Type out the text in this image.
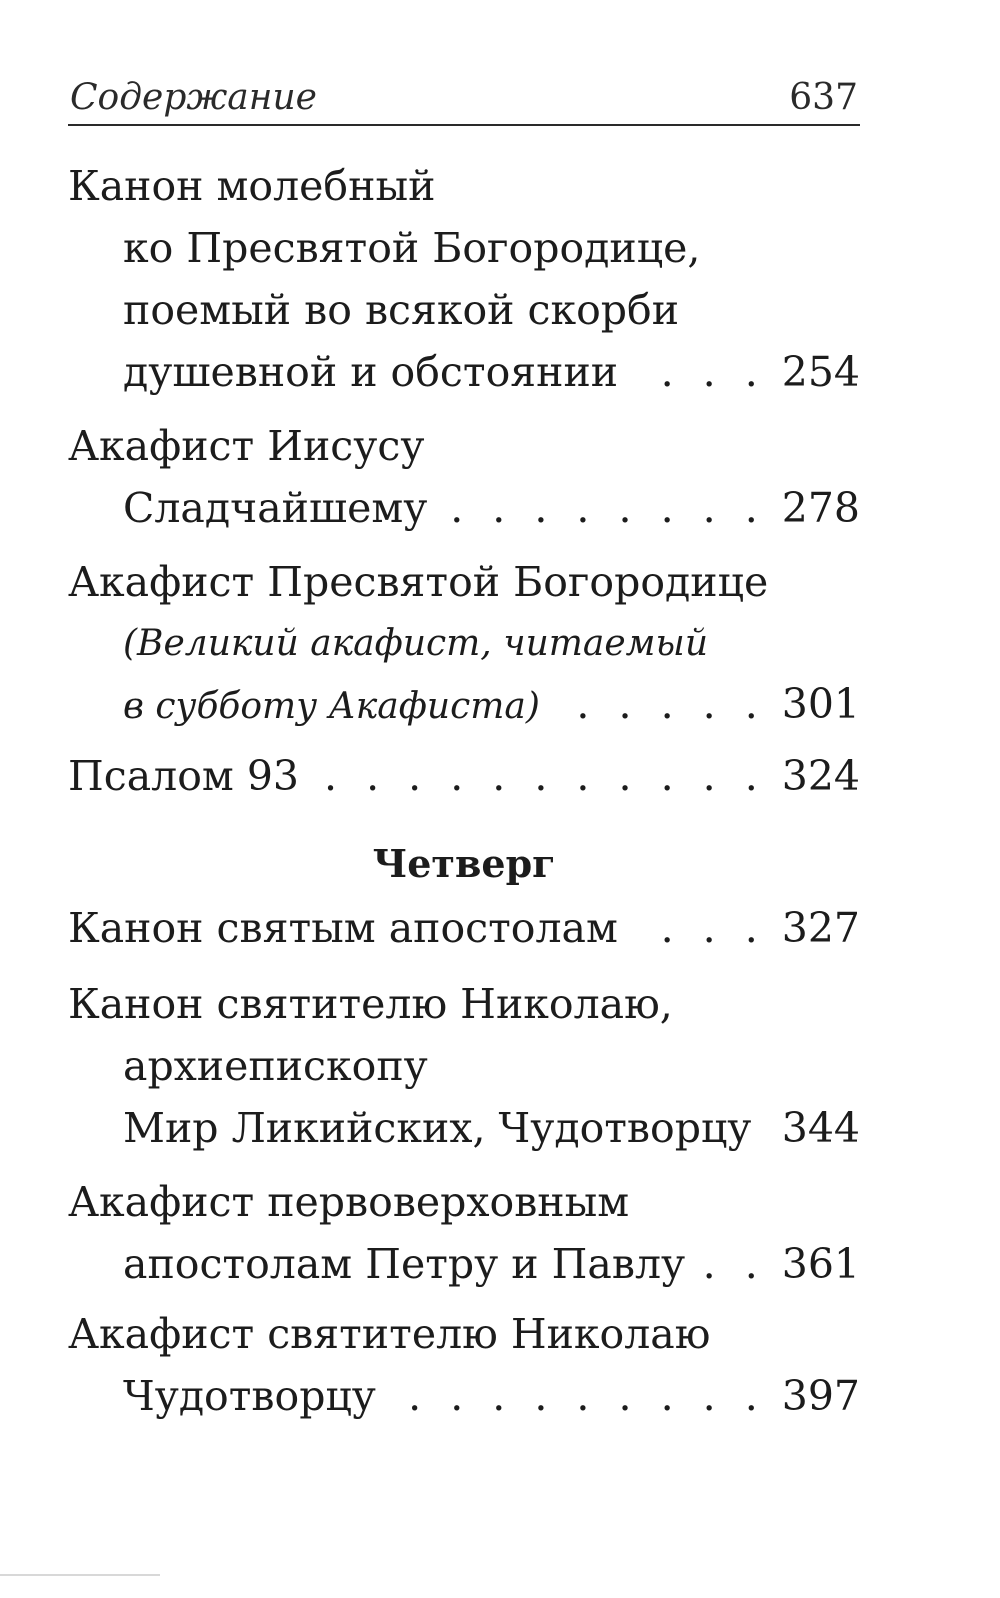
Содержание	637
Канон молебный
ко Пресвятой Богородице,
поемый во всякой скорби
душевной и обстоянии . . .	254
Акафист Иисусу
Сладчайшему . . .	278
Акафист Пресвятой Богородице
(Великий акафист, читаемый
в субботу Акафиста) . . .	301
Псалом 93 . . .	324
Четверг
Канон святым апостолам . . .	327
Канон святителю Николаю,
архиепископу
Мир Ликийских, Чудотворцу 344
Акафист первоверховным
апостолам Петру и Павлу . . . 361
Акафист святителю Николаю
Чудотворцу . . .	397
